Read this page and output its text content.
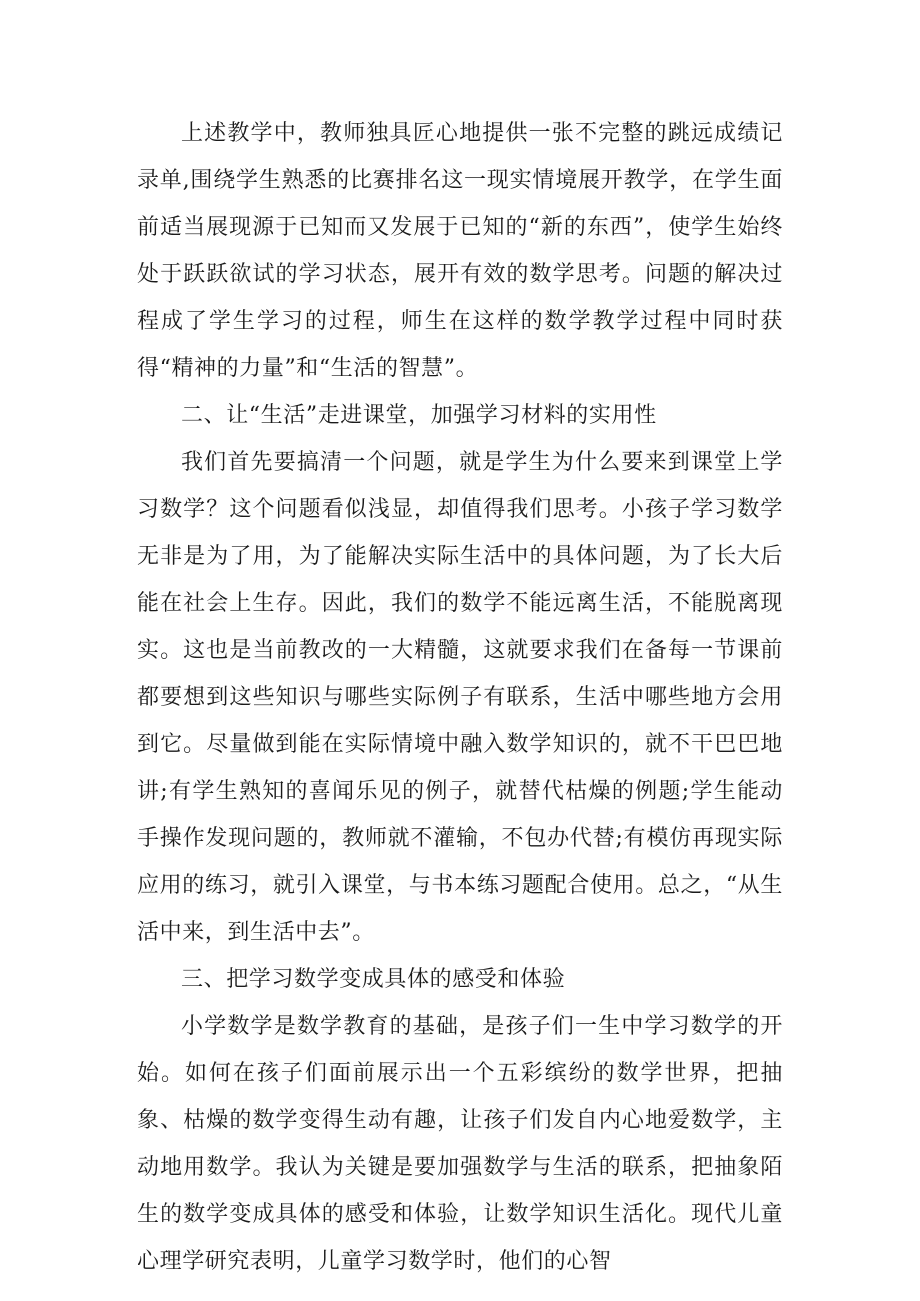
上述教学中，教师独具匠心地提供一张不完整的跳远成绩记录单,围绕学生熟悉的比赛排名这一现实情境展开教学，在学生面前适当展现源于已知而又发展于已知的“新的东西”，使学生始终处于跃跃欲试的学习状态，展开有效的数学思考。问题的解决过程成了学生学习的过程，师生在这样的数学教学过程中同时获得“精神的力量”和“生活的智慧”。

二、让“生活”走进课堂，加强学习材料的实用性

我们首先要搞清一个问题，就是学生为什么要来到课堂上学习数学？这个问题看似浅显，却值得我们思考。小孩子学习数学无非是为了用，为了能解决实际生活中的具体问题，为了长大后能在社会上生存。因此，我们的数学不能远离生活，不能脱离现实。这也是当前教改的一大精髓，这就要求我们在备每一节课前都要想到这些知识与哪些实际例子有联系，生活中哪些地方会用到它。尽量做到能在实际情境中融入数学知识的，就不干巴巴地讲;有学生熟知的喜闻乐见的例子，就替代枯燥的例题;学生能动手操作发现问题的，教师就不灌输，不包办代替;有模仿再现实际应用的练习，就引入课堂，与书本练习题配合使用。总之，“从生活中来，到生活中去”。

三、把学习数学变成具体的感受和体验

小学数学是数学教育的基础，是孩子们一生中学习数学的开始。如何在孩子们面前展示出一个五彩缤纷的数学世界，把抽象、枯燥的数学变得生动有趣，让孩子们发自内心地爱数学，主动地用数学。我认为关键是要加强数学与生活的联系，把抽象陌生的数学变成具体的感受和体验，让数学知识生活化。现代儿童心理学研究表明，儿童学习数学时，他们的心智
